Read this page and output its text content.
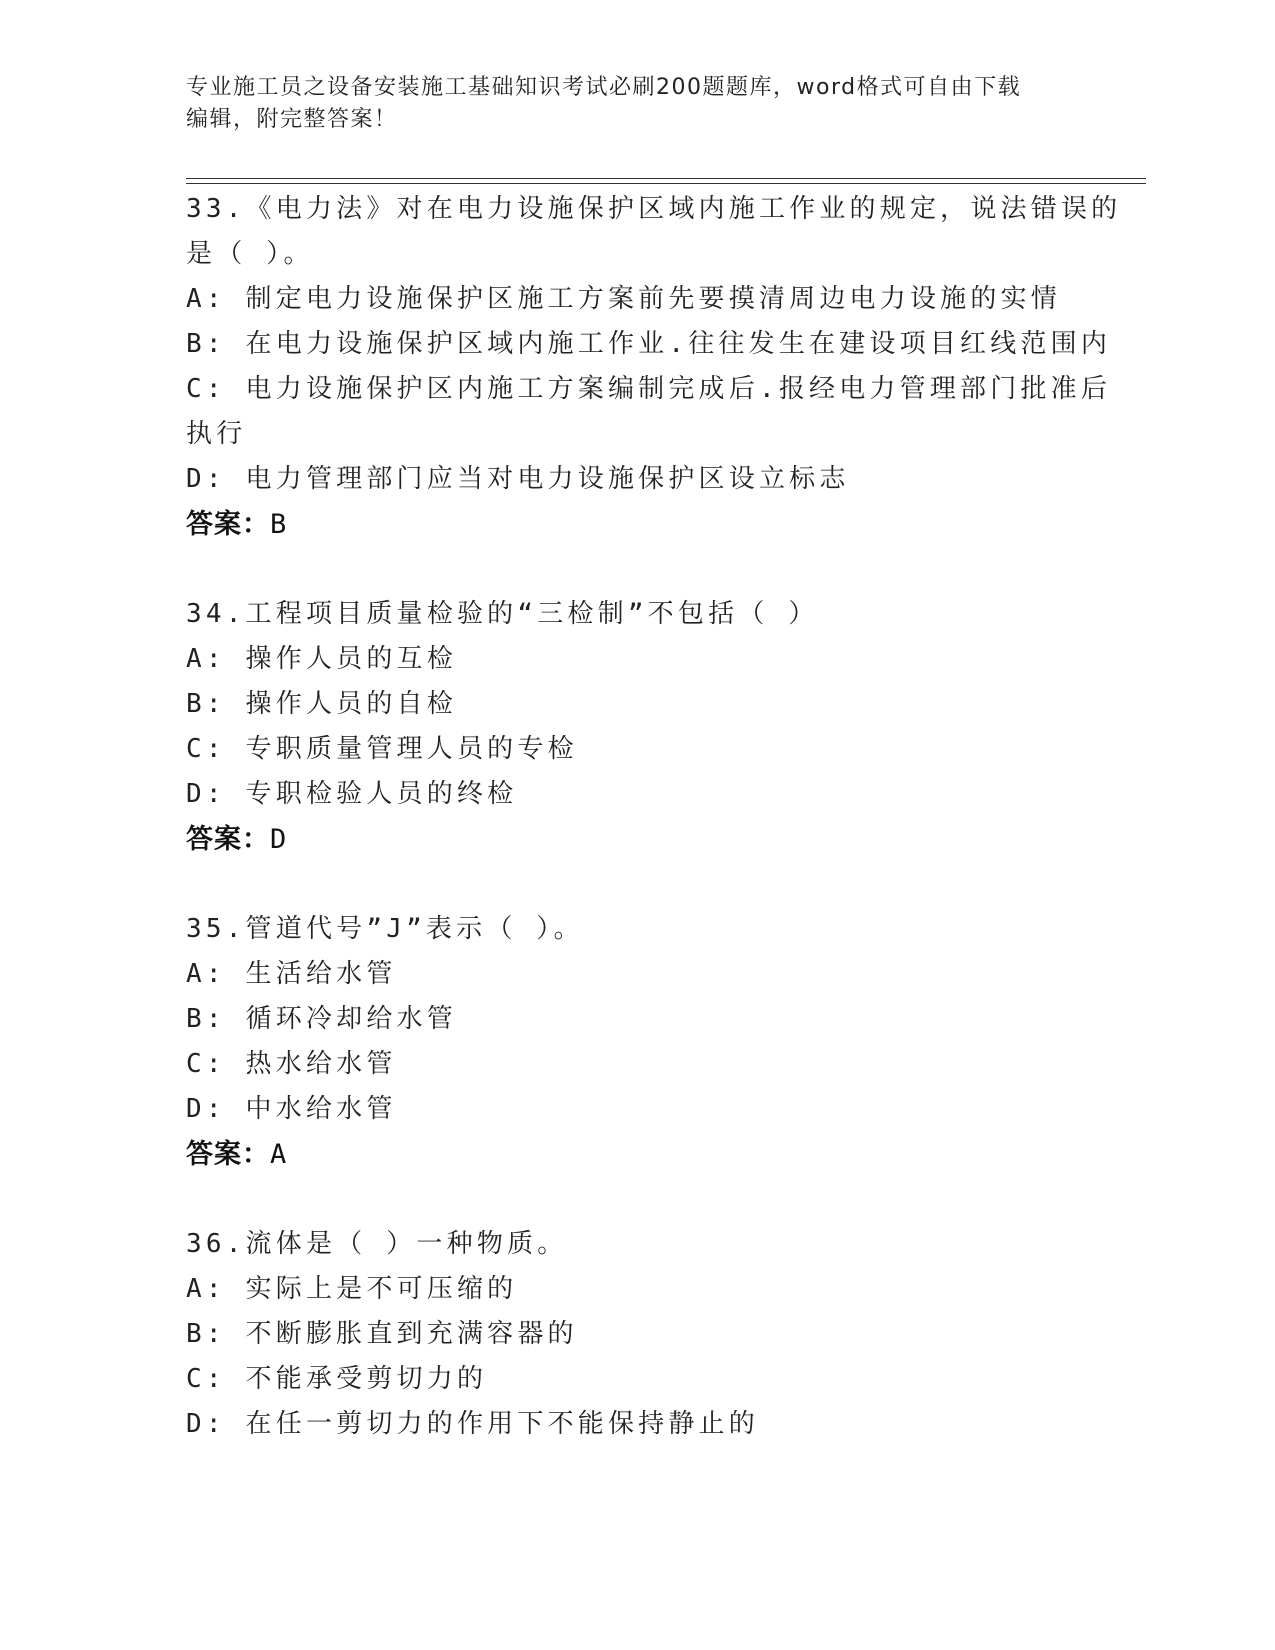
专业施工员之设备安装施工基础知识考试必刷200题题库，word格式可自由下载
编辑，附完整答案！
33.《电力法》对在电力设施保护区域内施工作业的规定，说法错误的
是（ ）。
A: 制定电力设施保护区施工方案前先要摸清周边电力设施的实情
B: 在电力设施保护区域内施工作业.往往发生在建设项目红线范围内
C: 电力设施保护区内施工方案编制完成后.报经电力管理部门批准后
执行
D: 电力管理部门应当对电力设施保护区设立标志
答案：B
34.工程项目质量检验的“三检制”不包括（ ）
A: 操作人员的互检
B: 操作人员的自检
C: 专职质量管理人员的专检
D: 专职检验人员的终检
答案：D
35.管道代号”J”表示（ ）。
A: 生活给水管
B: 循环冷却给水管
C: 热水给水管
D: 中水给水管
答案：A
36.流体是（ ）一种物质。
A: 实际上是不可压缩的
B: 不断膨胀直到充满容器的
C: 不能承受剪切力的
D: 在任一剪切力的作用下不能保持静止的
